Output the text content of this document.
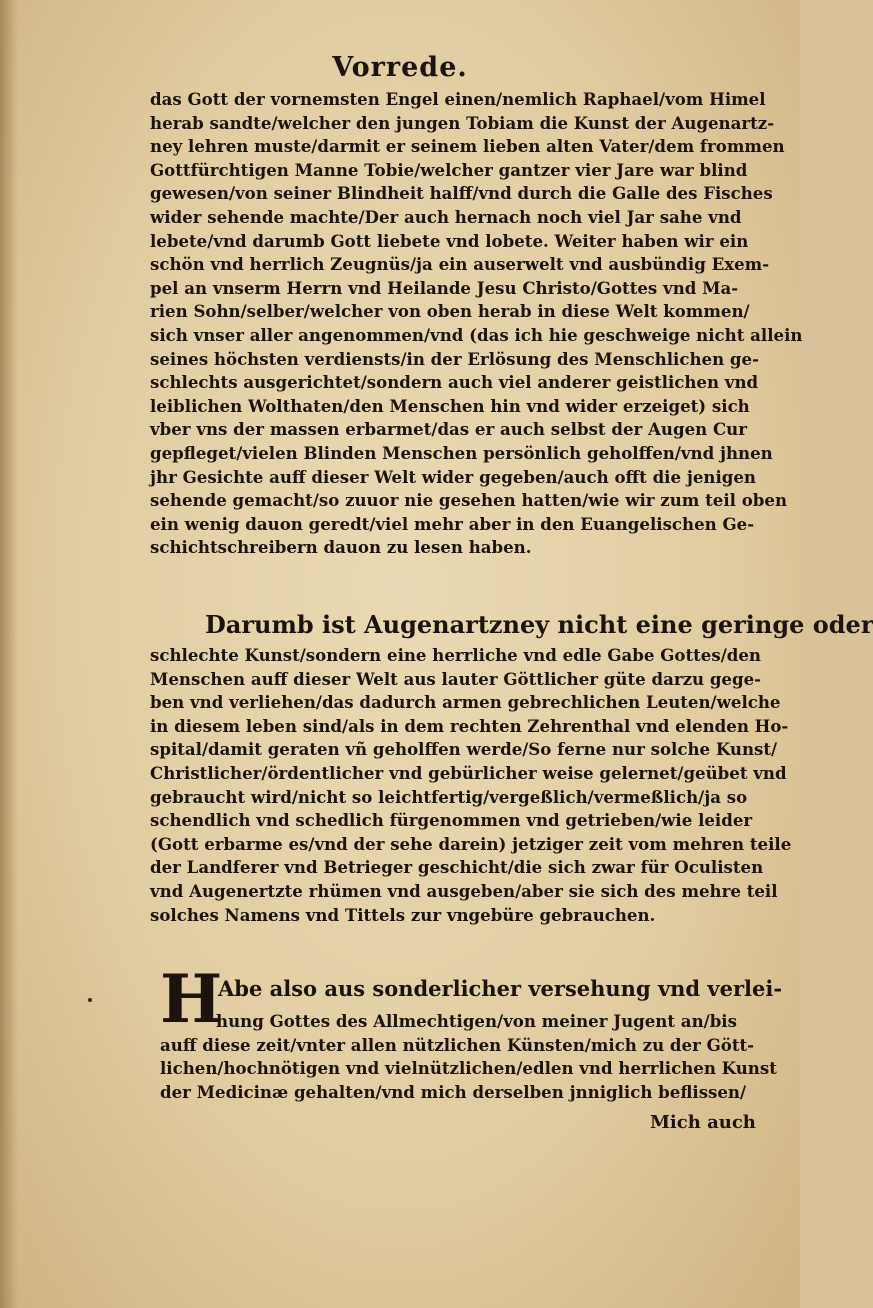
Vorrede.
das Gott der vornemsten Engel einen/nemlich Raphael/vom Himel
herab sandte/welcher den jungen Tobiam die Kunst der Augenartz-
ney lehren muste/darmit er seinem lieben alten Vater/dem frommen
Gottfürchtigen Manne Tobie/welcher gantzer vier Jare war blind
gewesen/von seiner Blindheit halff/vnd durch die Galle des Fisches
wider sehende machte/Der auch hernach noch viel Jar sahe vnd
lebete/vnd darumb Gott liebete vnd lobete. Weiter haben wir ein
schön vnd herrlich Zeugnüs/ja ein auserwelt vnd ausbündig Exem-
pel an vnserm Herrn vnd Heilande Jesu Christo/Gottes vnd Ma-
rien Sohn/selber/welcher von oben herab in diese Welt kommen/
sich vnser aller angenommen/vnd (das ich hie geschweige nicht allein
seines höchsten verdiensts/in der Erlösung des Menschlichen ge-
schlechts ausgerichtet/sondern auch viel anderer geistlichen vnd
leiblichen Wolthaten/den Menschen hin vnd wider erzeiget) sich
vber vns der massen erbarmet/das er auch selbst der Augen Cur
gepfleget/vielen Blinden Menschen persönlich geholffen/vnd jhnen
jhr Gesichte auff dieser Welt wider gegeben/auch offt die jenigen
sehende gemacht/so zuuor nie gesehen hatten/wie wir zum teil oben
ein wenig dauon geredt/viel mehr aber in den Euangelischen Ge-
schichtschreibern dauon zu lesen haben.
Darumb ist Augenartzney nicht eine geringe oder
schlechte Kunst/sondern eine herrliche vnd edle Gabe Gottes/den
Menschen auff dieser Welt aus lauter Göttlicher güte darzu gege-
ben vnd verliehen/das dadurch armen gebrechlichen Leuten/welche
in diesem leben sind/als in dem rechten Zehrenthal vnd elenden Ho-
spital/damit geraten vñ geholffen werde/So ferne nur solche Kunst/
Christlicher/ördentlicher vnd gebürlicher weise gelernet/geübet vnd
gebraucht wird/nicht so leichtfertig/vergeßlich/vermeßlich/ja so
schendlich vnd schedlich fürgenommen vnd getrieben/wie leider
(Gott erbarme es/vnd der sehe darein) jetziger zeit vom mehren teile
der Landferer vnd Betrieger geschicht/die sich zwar für Oculisten
vnd Augenertzte rhümen vnd ausgeben/aber sie sich des mehre teil
solches Namens vnd Tittels zur vngebüre gebrauchen.
H
Abe also aus sonderlicher versehung vnd verlei-
hung Gottes des Allmechtigen/von meiner Jugent an/bis
auff diese zeit/vnter allen nützlichen Künsten/mich zu der Gött-
lichen/hochnötigen vnd vielnützlichen/edlen vnd herrlichen Kunst
der Medicinæ gehalten/vnd mich derselben jnniglich beflissen/
Mich auch
